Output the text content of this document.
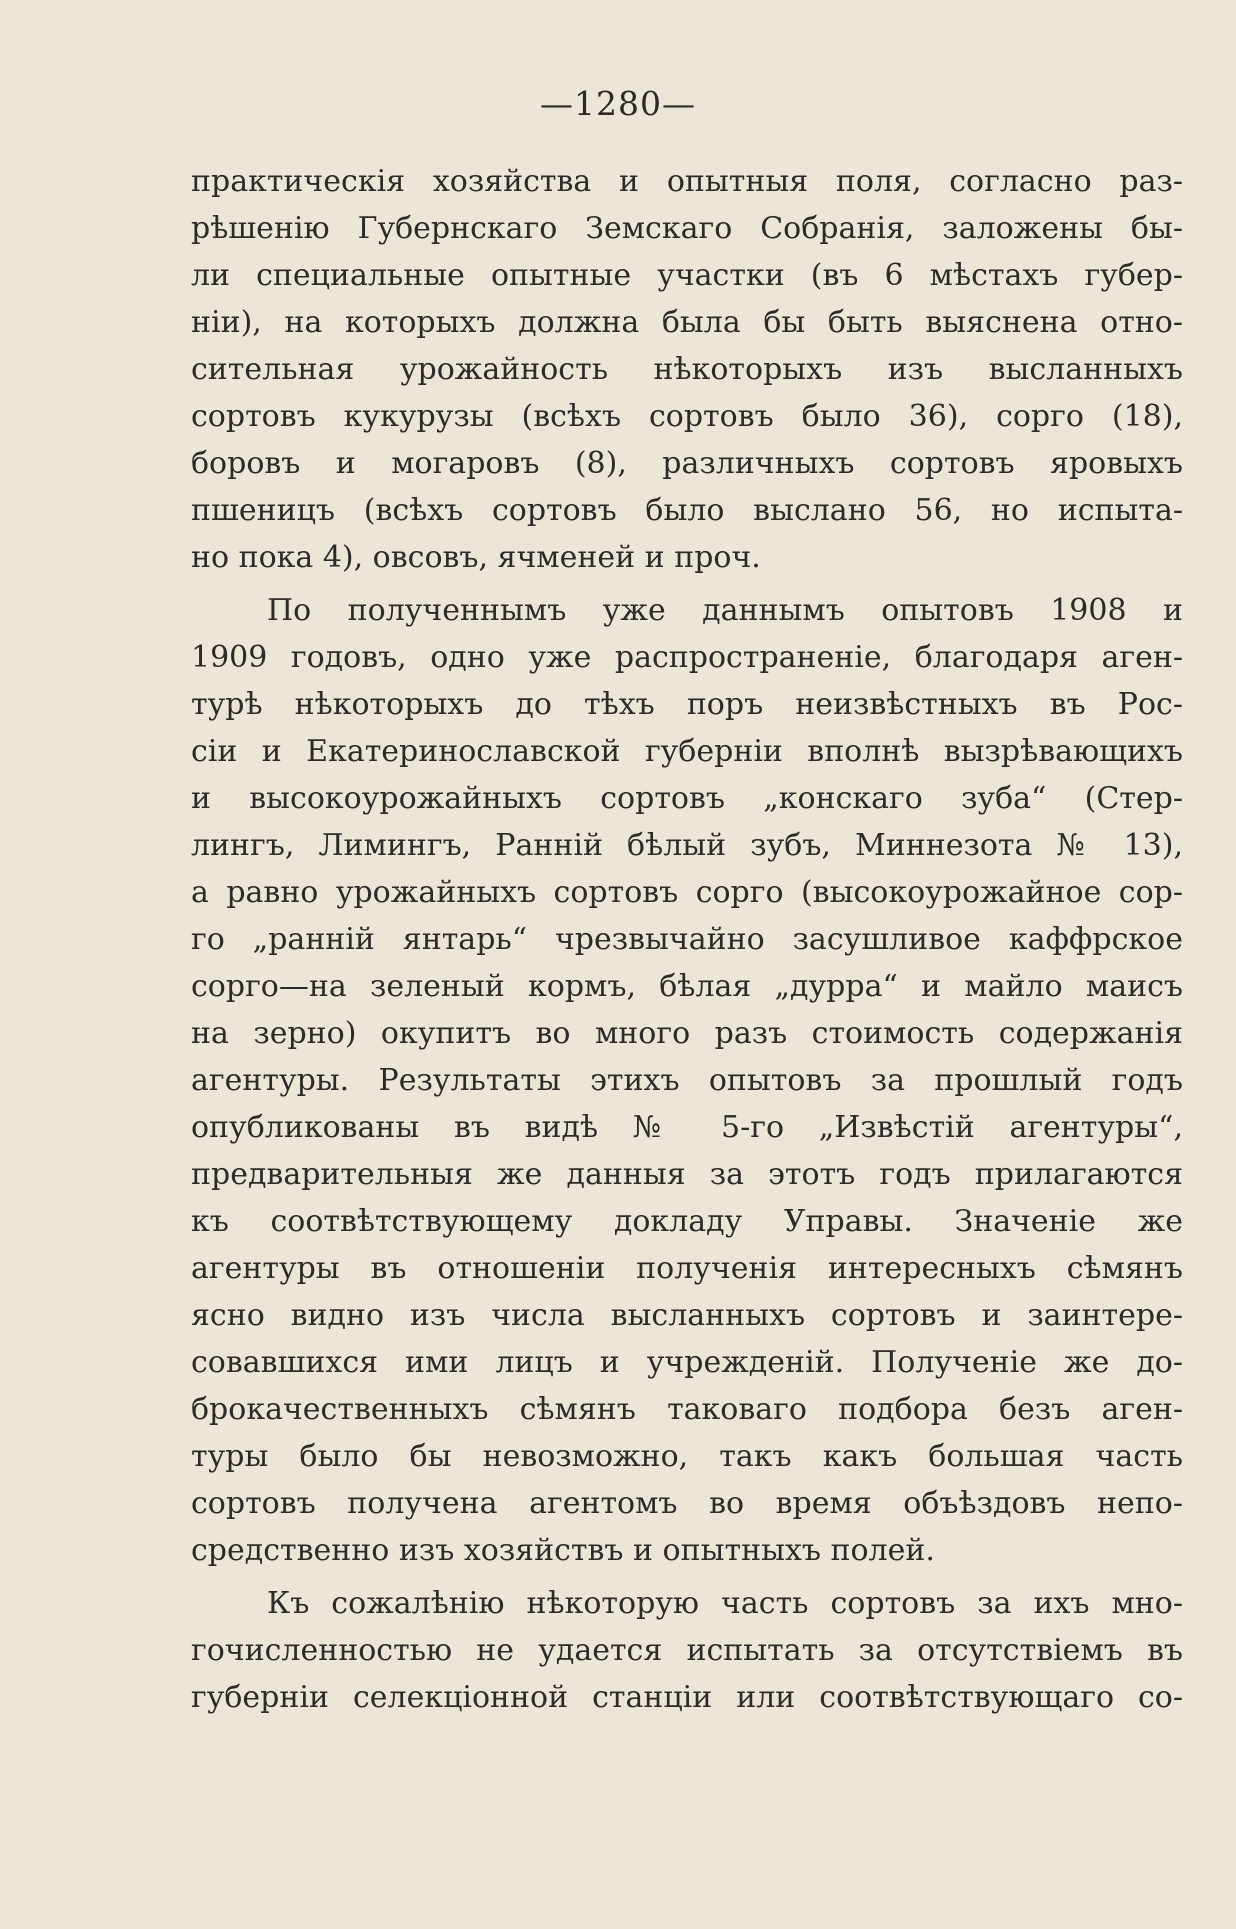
—1280—
практическія хозяйства и опытныя поля, согласно раз-
рѣшенію Губернскаго Земскаго Собранія, заложены бы-
ли специальные опытные участки (въ 6 мѣстахъ губер-
ніи), на которыхъ должна была бы быть выяснена отно-
сительная урожайность нѣкоторыхъ изъ высланныхъ
сортовъ кукурузы (всѣхъ сортовъ было 36), сорго (18),
боровъ и могаровъ (8), различныхъ сортовъ яровыхъ
пшеницъ (всѣхъ сортовъ было выслано 56, но испыта-
но пока 4), овсовъ, ячменей и проч.
По полученнымъ уже даннымъ опытовъ 1908 и
1909 годовъ, одно уже распространеніе, благодаря аген-
турѣ нѣкоторыхъ до тѣхъ поръ неизвѣстныхъ въ Рос-
сіи и Екатеринославской губерніи вполнѣ вызрѣвающихъ
и высокоурожайныхъ сортовъ „конскаго зуба“ (Стер-
лингъ, Лимингъ, Ранній бѣлый зубъ, Миннезота № 13),
а равно урожайныхъ сортовъ сорго (высокоурожайное сор-
го „ранній янтарь“ чрезвычайно засушливое каффрское
сорго—на зеленый кормъ, бѣлая „дурра“ и майло маисъ
на зерно) окупитъ во много разъ стоимость содержанія
агентуры. Результаты этихъ опытовъ за прошлый годъ
опубликованы въ видѣ № 5-го „Извѣстій агентуры“,
предварительныя же данныя за этотъ годъ прилагаются
къ соотвѣтствующему докладу Управы. Значеніе же
агентуры въ отношеніи полученія интересныхъ сѣмянъ
ясно видно изъ числа высланныхъ сортовъ и заинтере-
совавшихся ими лицъ и учрежденій. Полученіе же до-
брокачественныхъ сѣмянъ таковаго подбора безъ аген-
туры было бы невозможно, такъ какъ большая часть
сортовъ получена агентомъ во время объѣздовъ непо-
средственно изъ хозяйствъ и опытныхъ полей.
Къ сожалѣнію нѣкоторую часть сортовъ за ихъ мно-
гочисленностью не удается испытать за отсутствіемъ въ
губерніи селекціонной станціи или соотвѣтствующаго со-
